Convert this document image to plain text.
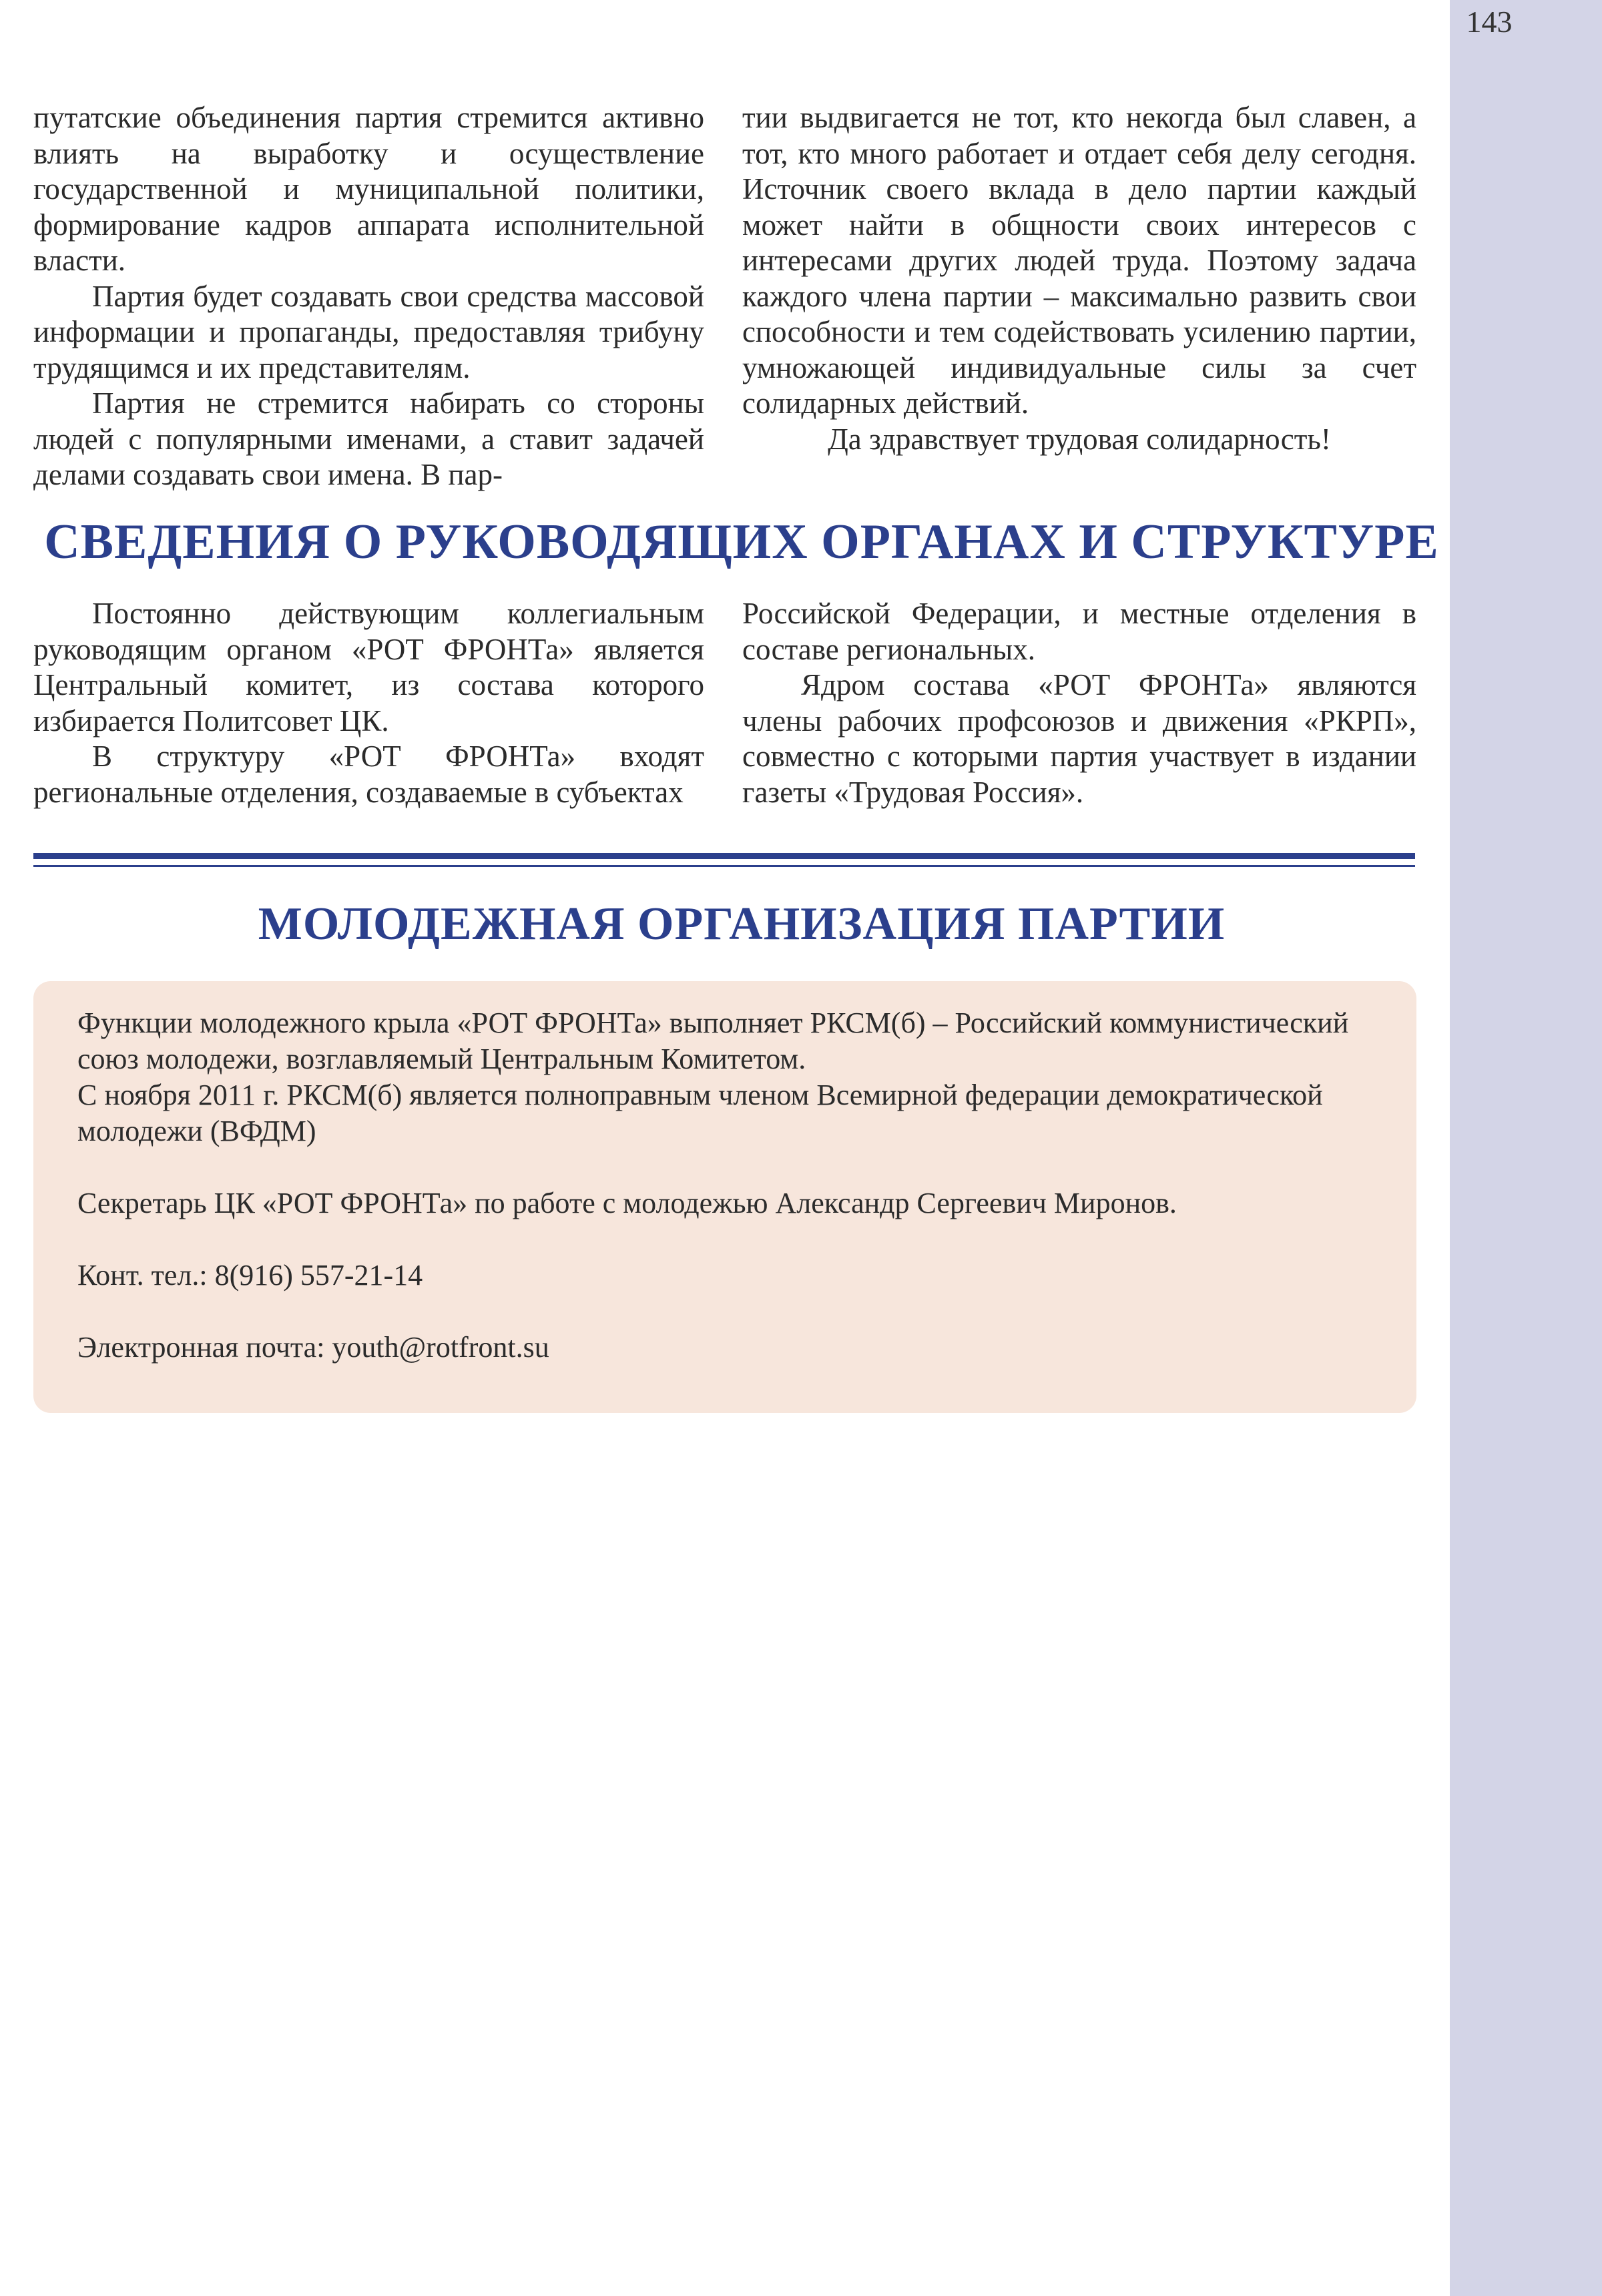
143

путатские объединения партия стремится активно влиять на выработку и осуществление государственной и муниципальной политики, формирование кадров аппарата исполнительной власти.

Партия будет создавать свои средства массовой информации и пропаганды, предоставляя трибуну трудящимся и их представителям.

Партия не стремится набирать со стороны людей с популярными именами, а ставит задачей делами создавать свои имена. В пар-

тии выдвигается не тот, кто некогда был славен, а тот, кто много работает и отдает себя делу сегодня. Источник своего вклада в дело партии каждый может найти в общности своих интересов с интересами других людей труда. Поэтому задача каждого члена партии – максимально развить свои способности и тем содействовать усилению партии, умножающей индивидуальные силы за счет солидарных действий.

Да здравствует трудовая солидарность!

СВЕДЕНИЯ О РУКОВОДЯЩИХ ОРГАНАХ И СТРУКТУРЕ

Постоянно действующим коллегиальным руководящим органом «РОТ ФРОНТа» является Центральный комитет, из состава которого избирается Политсовет ЦК.

В структуру «РОТ ФРОНТа» входят региональные отделения, создаваемые в субъектах

Российской Федерации, и местные отделения в составе региональных.

Ядром состава «РОТ ФРОНТа» являются члены рабочих профсоюзов и движения «РКРП», совместно с которыми партия участвует в издании газеты «Трудовая Россия».

МОЛОДЕЖНАЯ ОРГАНИЗАЦИЯ ПАРТИИ

Функции молодежного крыла «РОТ ФРОНТа» выполняет РКСМ(б) – Российский коммунистический союз молодежи, возглавляемый Центральным Комитетом.

С ноября 2011 г. РКСМ(б) является полноправным членом Всемирной федерации демократической молодежи (ВФДМ)

Секретарь ЦК «РОТ ФРОНТа» по работе с молодежью Александр Сергеевич Миронов.

Конт. тел.: 8(916) 557-21-14

Электронная почта: youth@rotfront.su
